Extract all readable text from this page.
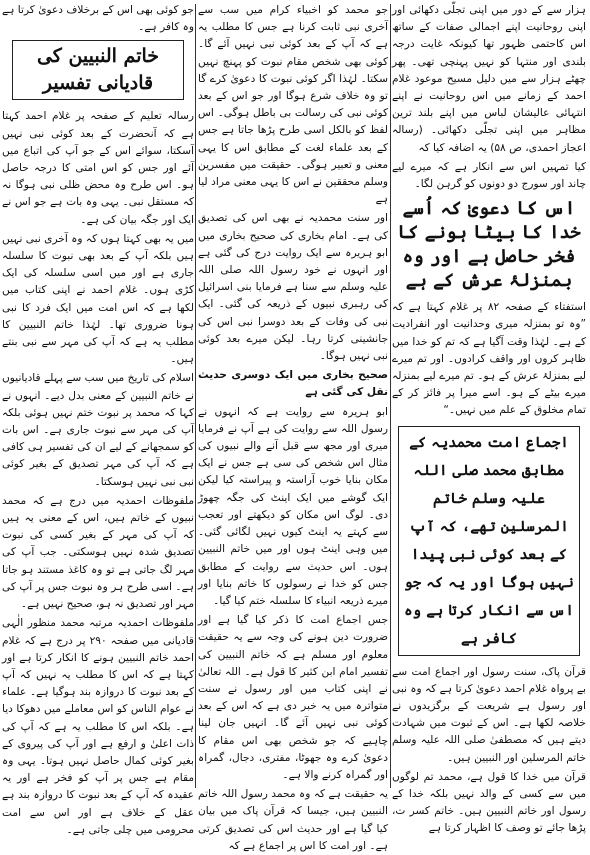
ہزار سے کے دور میں اپنی تجلّی دکھائی اور اپنی روحانیت اپنے اجمالی صفات کے ساتھ اس کاحتمی ظہور تھا کیونکہ غایت درجہ بلندی اور منتہا کو نہیں پہنچی تھی۔ پھر چھٹے ہزار سے میں دلیل مسیح موعود غلام احمد کے زمانے میں اس روحانیت نے اپنے انتہائی عالیشان لباس میں اپنے بلند ترین مظاہر میں اپنی تجلّی دکھائی۔ (رسالہ اعجاز احمدی، ص ۵۸) یہ اضافہ کیا کہ

کیا تمہیں اس سے انکار ہے کہ میرے لیے چاند اور سورج دو دونوں کو گرہن لگا۔

اس کا دعویٰ کہ اُسے خدا کا بیٹا ہونے کا فخر حاصل ہے اور وہ بمنزلۂ عرش کے ہے

استفتاء کے صفحہ ۸۲ پر غلام کہتا ہے کہ ”وہ تو بمنزلہ میری وحدانیت اور انفرادیت کے ہے۔ لہٰذا وقت آگیا ہے کہ تم کو خدا میں ظاہر کروں اور واقف کرادوں۔ اور تم میرے لیے بمنزلۂ عرش کے ہو۔ تم میرے لیے بمنزلہ میرے بیٹے کے ہو۔ اسے میرا پر فائز کر کے تمام مخلوق کے علم میں نہیں۔“

اجماع امت محمدیہ کے مطابق محمد صلی اللہ علیہ وسلم خاتم المرسلین تھے، کہ آپ کے بعد کوئی نبی پیدا نہیں ہوگا اور یہ کہ جو اس سے انکار کرتا ہے وہ کافر ہے

قرآن پاک، سنت رسول اور اجماع امت سے بے پرواہ غلام احمد دعویٰ کرتا ہے کہ وہ نبی اور رسول ہے شریعت کے برگزیدوں نے خلاصہ لکھا ہے۔ اس کے ثبوت میں شہادت دیتے ہیں کہ مصطفیٰ صلی اللہ علیہ وسلم خاتم المرسلین اور النبیین ہیں۔

قرآن میں خدا کا قول ہے، محمد تم لوگوں میں سے کسی کے والد نہیں بلکہ خدا کے رسول اور خاتم النبیین ہیں۔ خاتم کسر ت، پڑھا جائے تو وصف کا اظہار کرتا ہے

جو محمد کو اخبیاء کرام میں سب سے آخری نبی ثابت کرنا ہے جس کا مطلب یہ ہے کہ آپ کے بعد کوئی نبی نہیں آئے گا۔ کوئی بھی شخص مقام نبوت کو پہنچ نہیں سکتا۔ لہٰذا اگر کوئی نبوت کا دعویٰ کرے گا تو وہ خلاف شرع ہوگا اور جو اس کے بعد کوئی نبی کی رسالت بی باطل ہوگی۔ اس لفظ کو بالکل اسی طرح پڑھا جاتا ہے جس کے بعد علماء لغت کے مطابق اس کا یہی معنی و تعبیر ہوگی۔ حقیقت میں مفسرین وسلم محققین نے اس کا یہی معنی مراد لیا ہے

اور سنت محمدیہ نے بھی اس کی تصدیق کی ہے۔ امام بخاری کی صحیح بخاری میں ابو ہریرہ سے ایک روایت درج کی گئی ہے اور انہوں نے خود رسول اللہ صلی اللہ علیہ وسلم سے سنا ہے فرمایا بنی اسرائیل کی رہبری نبیوں کے ذریعہ کی گئی۔ ایک نبی کی وفات کے بعد دوسرا نبی اس کی جانشینی کرتا رہا۔ لیکن میرے بعد کوئی نبی نہیں ہوگا۔

صحیح بخاری میں ایک دوسری حدیث نقل کی گئی ہے

ابو ہریرہ سے روایت ہے کہ انہوں نے رسول اللہ سے روایت کی ہے آپ نے فرمایا میری اور مجھ سے قبل آنے والے نبیوں کی مثال اس شخص کی سی ہے جس نے ایک مکان بنایا خوب آراستہ و پیراستہ کیا لیکن ایک گوشے میں ایک اینٹ کی جگہ چھوڑ دی۔ لوگ اس مکان کو دیکھتے اور تعجب سے کہتے یہ اینٹ کیوں نہیں لگائی گئی۔ میں وہی اینٹ ہوں اور میں خاتم النبیین ہوں۔ اس حدیث سے روایت کے مطابق جس کو خدا نے رسولوں کا خاتم بنایا اور میرے ذریعہ انبیاء کا سلسلہ ختم کیا گیا۔

جس اجماع امت کا ذکر کیا گیا ہے اور ضرورت دین ہونے کی وجہ سے یہ حقیقت معلوم اور مسلم ہے کہ خاتم النبیین کی تفسیر امام ابن کثیر کا قول ہے۔ اللہ تعالیٰ نے اپنی کتاب میں اور رسول نے سنت متواترہ میں یہ خبر دی ہے کہ اس کے بعد کوئی نبی نہیں آئے گا۔ انہیں جان لینا چاہیے کہ جو شخص بھی اس مقام کا دعویٰ کرے وہ جھوٹا، مفتری، دجال، گمراہ اور گمراہ کرنے والا ہے۔

یہ حقیقت ہے کہ وہ محمد رسول اللہ خاتم النبیین ہیں، جیسا کہ قرآن پاک میں بیان کیا گیا ہے اور حدیث اس کی تصدیق کرتی ہے۔ اور امت کا اس پر اجماع ہے کہ

جو کوئی بھی اس کے برخلاف دعویٰ کرتا ہے وہ کافر ہے۔

خاتم النبیین کی قادیانی تفسیر

رسالہ تعلیم کے صفحہ پر غلام احمد کہتا ہے کہ آنحضرت کے بعد کوئی نبی نہیں آسکتا، سوائے اس کے جو آپ کی اتباع میں آئے اور جس کو اس امتی کا درجہ حاصل ہو۔ اس طرح وہ محض ظلی نبی ہوگا نہ کہ مستقل نبی۔ یہی وہ بات ہے جو اس نے ایک اور جگہ بیان کی ہے۔

میں یہ بھی کہتا ہوں کہ وہ آخری نبی نہیں ہیں بلکہ آپ کے بعد بھی نبوت کا سلسلہ جاری ہے اور میں اسی سلسلہ کی ایک کڑی ہوں۔ غلام احمد نے اپنی کتاب میں لکھا ہے کہ اس امت میں ایک فرد کا نبی ہونا ضروری تھا۔ لہٰذا خاتم النبیین کا مطلب یہ ہے کہ آپ کی مہر سے نبی بنتے ہیں۔

اسلام کی تاریخ میں سب سے پہلے قادیانیوں نے خاتم النبیین کے معنی بدل دیے۔ انہوں نے کہا کہ محمد پر نبوت ختم نہیں ہوئی بلکہ آپ کی مہر سے نبوت جاری ہے۔ اس بات کو سمجھانے کے لیے ان کی تفسیر ہی کافی ہے کہ آپ کی مہر تصدیق کے بغیر کوئی نبی نبی نہیں ہوسکتا۔

ملفوظات احمدیہ میں درج ہے کہ محمد نبیوں کے خاتم ہیں، اس کے معنی یہ ہیں کہ آپ کی مہر کے بغیر کسی کی نبوت تصدیق شدہ نہیں ہوسکتی۔ جب آپ کی مہر لگ جاتی ہے تو وہ کاغذ مستند ہو جاتا ہے۔ اسی طرح ہر وہ نبوت جس پر آپ کی مہر اور تصدیق نہ ہو، صحیح نہیں ہے۔

ملفوظات احمدیہ مرتبہ محمد منظور الٰہی قادیانی میں صفحہ ۲۹۰ پر درج ہے کہ غلام احمد خاتم النبیین ہونے کا انکار کرتا ہے اور کہتا ہے کہ اس کا مطلب یہ نہیں کہ آپ کے بعد نبوت کا دروازہ بند ہوگیا ہے۔ علماء نے عوام الناس کو اس معاملے میں دھوکا دیا ہے۔ بلکہ اس کا مطلب یہ ہے کہ آپ کی ذات اعلیٰ و ارفع ہے اور آپ کی پیروی کے بغیر کوئی کمال حاصل نہیں ہوتا۔ یہی وہ مقام ہے جس پر آپ کو فخر ہے اور یہ عقیدہ کہ آپ کے بعد نبوت کا دروازہ بند ہے عقل کے خلاف ہے اور اس سے امت محرومی میں چلی جاتی ہے۔
